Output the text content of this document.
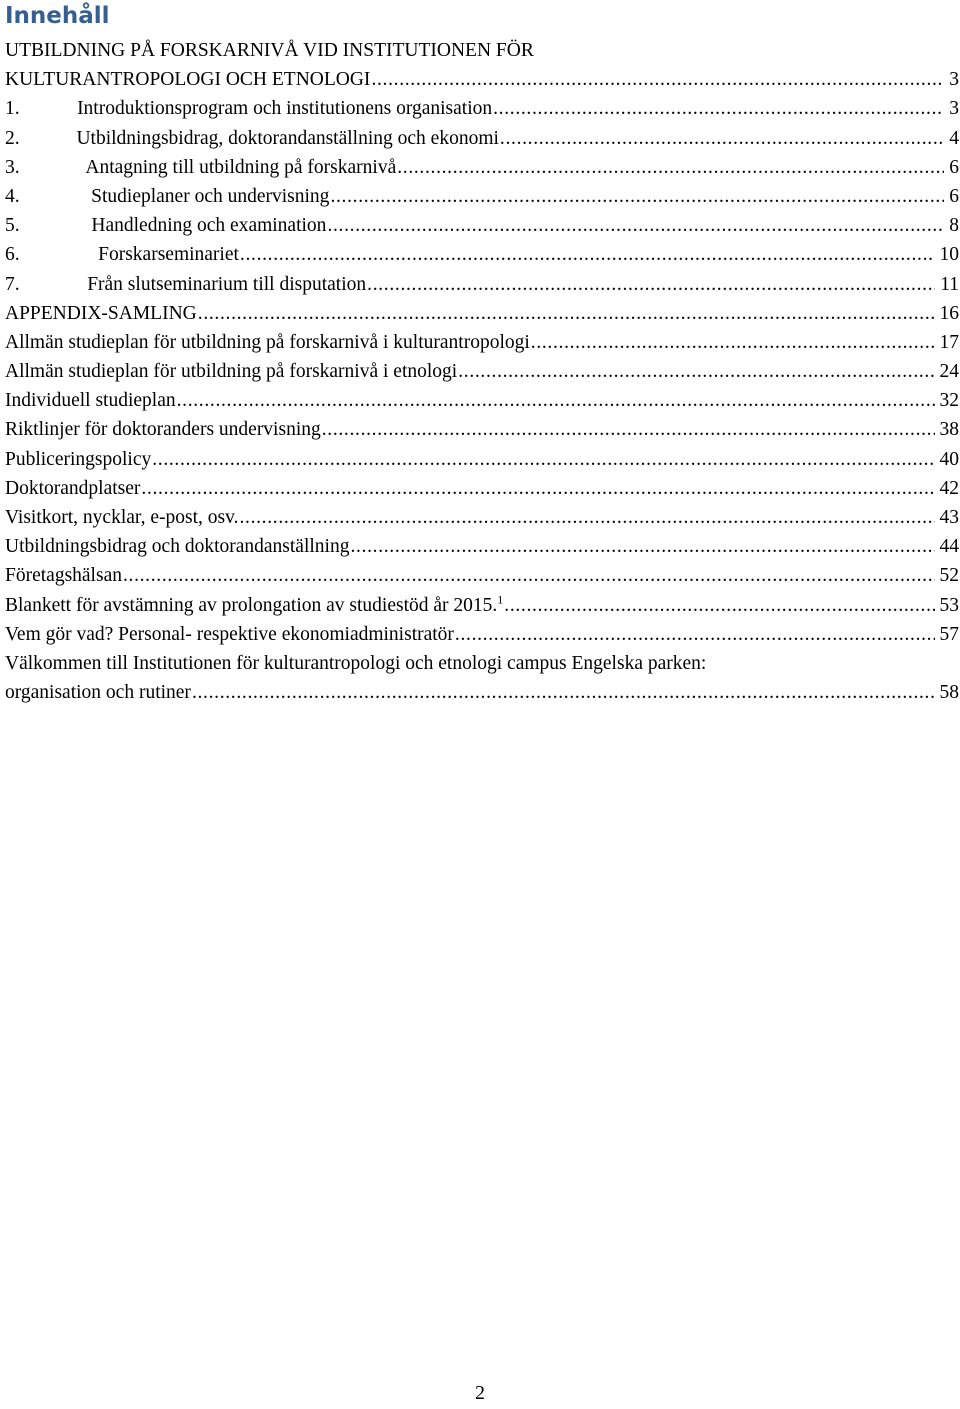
Innehåll
UTBILDNING PÅ FORSKARNIVÅ VID INSTITUTIONEN FÖR
KULTURANTROPOLOGI OCH ETNOLOGI . . .	3
1.	Introduktionsprogram och institutionens organisation . . .	3
2.	Utbildningsbidrag, doktorandanställning och ekonomi . . .	4
3.	Antagning till utbildning på forskarnivå . . .	6
4.	Studieplaner och undervisning . . .	6
5.	Handledning och examination . . .	8
6.	Forskarseminariet . . .	10
7.	Från slutseminarium till disputation . . .	11
APPENDIX-SAMLING . . .	16
Allmän studieplan för utbildning på forskarnivå i kulturantropologi . . .	17
Allmän studieplan för utbildning på forskarnivå i etnologi . . .	24
Individuell studieplan . . .	32
Riktlinjer för doktoranders undervisning . . .	38
Publiceringspolicy . . .	40
Doktorandplatser . . .	42
Visitkort, nycklar, e-post, osv. . . .	43
Utbildningsbidrag och doktorandanställning . . .	44
Företagshälsan . . .	52
Blankett för avstämning av prolongation av studiestöd år 2015.$^1$ . . .	53
Vem gör vad? Personal- respektive ekonomiadministratör . . .	57
Välkommen till Institutionen för kulturantropologi och etnologi campus Engelska parken:
organisation och rutiner . . .	58
2
